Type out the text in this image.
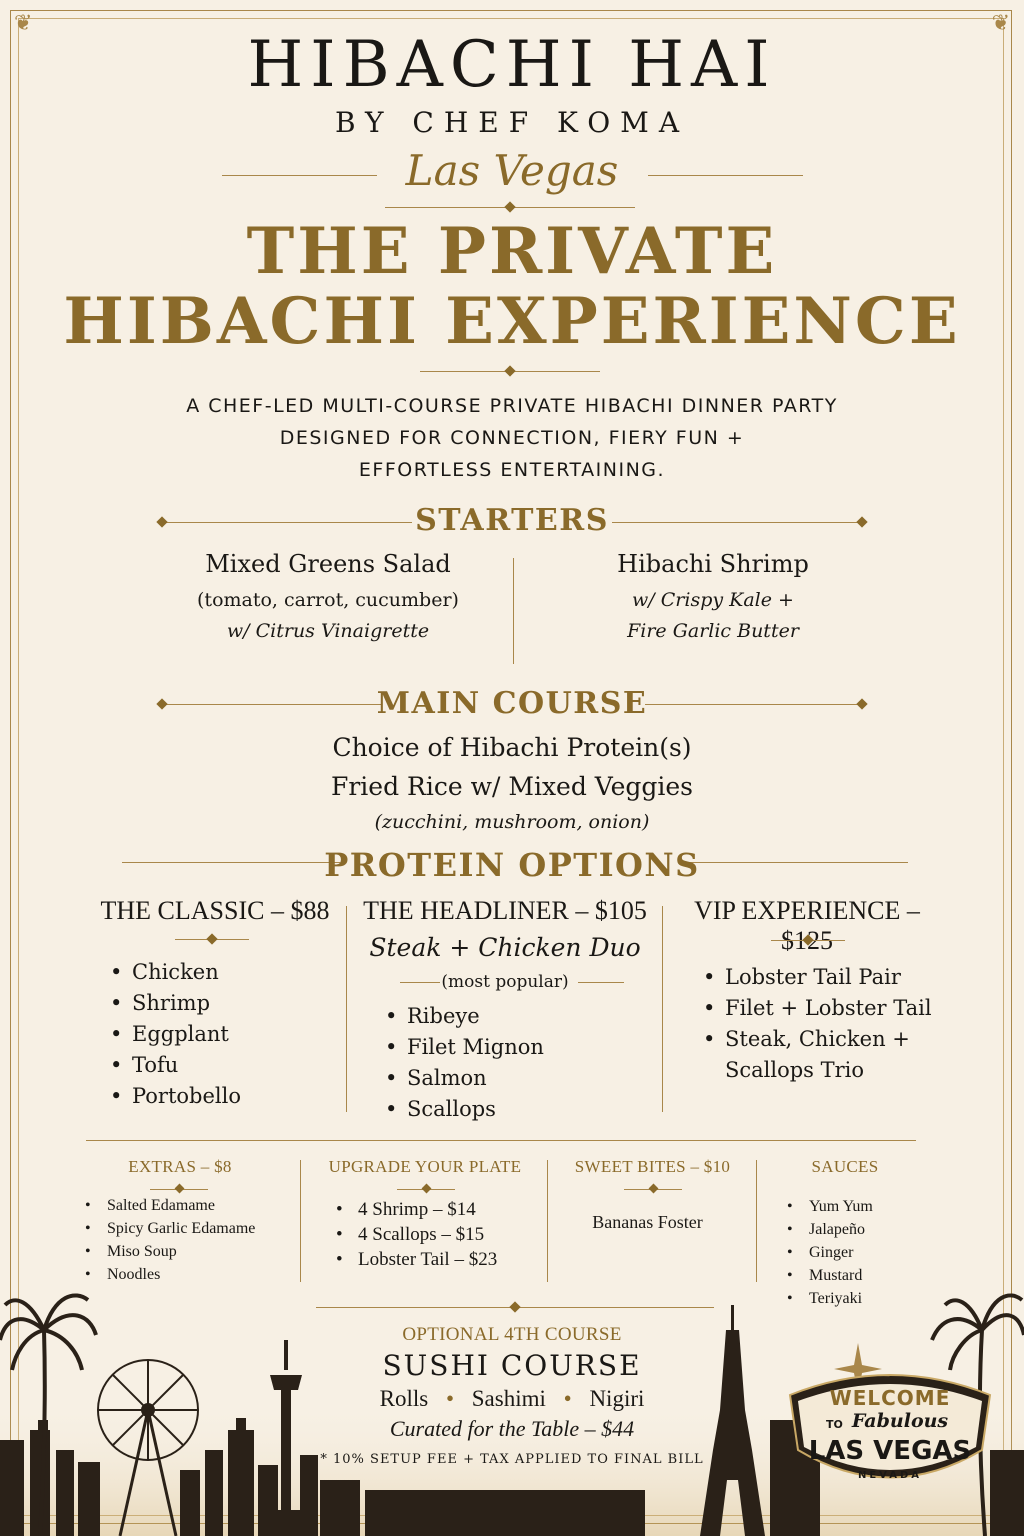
❦	❦
HIBACHI HAI
BY CHEF KOMA
Las Vegas
THE PRIVATE
HIBACHI EXPERIENCE
A CHEF-LED MULTI-COURSE PRIVATE HIBACHI DINNER PARTY
DESIGNED FOR CONNECTION, FIERY FUN +
EFFORTLESS ENTERTAINING.
STARTERS
Mixed Greens Salad
(tomato, carrot, cucumber)
w/ Citrus Vinaigrette
Hibachi Shrimp
w/ Crispy Kale +
Fire Garlic Butter
MAIN COURSE
Choice of Hibachi Protein(s)
Fried Rice w/ Mixed Veggies
(zucchini, mushroom, onion)
PROTEIN OPTIONS
THE CLASSIC – $88
• Chicken
• Shrimp
• Eggplant
• Tofu
• Portobello
THE HEADLINER – $105
Steak + Chicken Duo
(most popular)
• Ribeye
• Filet Mignon
• Salmon
• Scallops
VIP EXPERIENCE –
• Lobster Tail Pair
• Filet + Lobster Tail
• Steak, Chicken +
Scallops Trio
EXTRAS – $8
• Salted Edamame
• Spicy Garlic Edamame
• Miso Soup
• Noodles
UPGRADE YOUR PLATE
• 4 Shrimp – $14
• 4 Scallops – $15
• Lobster Tail – $23
SWEET BITES – $10
Bananas Foster
SAUCES
• Yum Yum
• Jalapeño
• Ginger
• Mustard
• Teriyaki
WELCOME
TO Fabulous
LAS VEGAS
NEVADA
OPTIONAL 4TH COURSE
SUSHI COURSE
Rolls • Sashimi • Nigiri
Curated for the Table – $44
* 10% SETUP FEE + TAX APPLIED TO FINAL BILL
